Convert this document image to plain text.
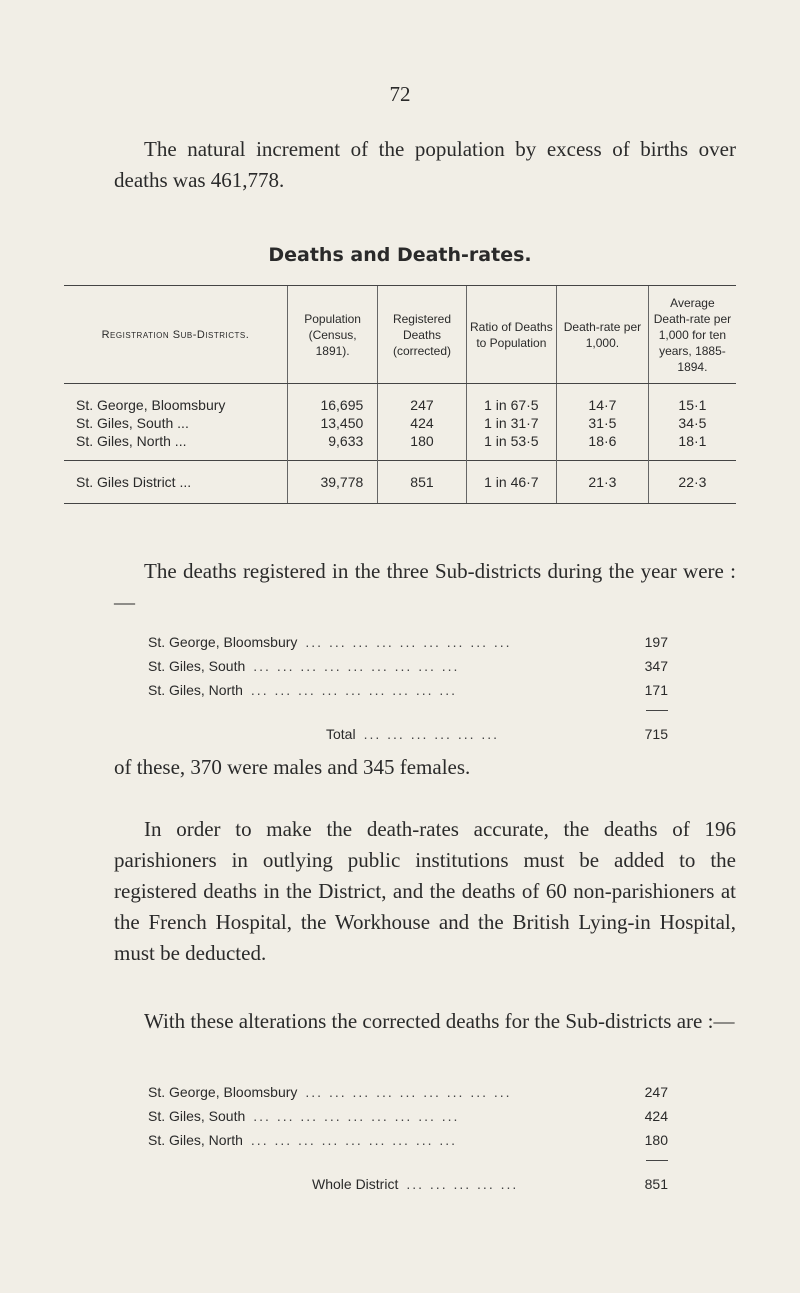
72

The natural increment of the population by excess of births over deaths was 461,778.

Deaths and Death-rates.
Registration Sub-Districts.	Population (Census, 1891).	Registered Deaths (corrected)	Ratio of Deaths to Population	Death-rate per 1,000.	Average Death-rate per 1,000 for ten years, 1885-1894.
St. George, Bloomsbury	16,695	247	1 in 67·5	14·7	15·1
St. Giles, South ...	13,450	424	1 in 31·7	31·5	34·5
St. Giles, North ...	9,633	180	1 in 53·5	18·6	18·1
St. Giles District ...	39,778	851	1 in 46·7	21·3	22·3

The deaths registered in the three Sub-districts during the year were :—

St. George, Bloomsbury ... ... ... ... ... ... ... ... ...	197
St. Giles, South ... ... ... ... ... ... ... ... ...	347
St. Giles, North ... ... ... ... ... ... ... ... ...	171
Total ... ... ... ... ... ...	715

of these, 370 were males and 345 females.

In order to make the death-rates accurate, the deaths of 196 parishioners in outlying public institutions must be added to the registered deaths in the District, and the deaths of 60 non-parishioners at the French Hospital, the Workhouse and the British Lying-in Hospital, must be deducted.

With these alterations the corrected deaths for the Sub-districts are :—

St. George, Bloomsbury ... ... ... ... ... ... ... ... ...	247
St. Giles, South ... ... ... ... ... ... ... ... ...	424
St. Giles, North ... ... ... ... ... ... ... ... ...	180
Whole District ... ... ... ... ...	851
